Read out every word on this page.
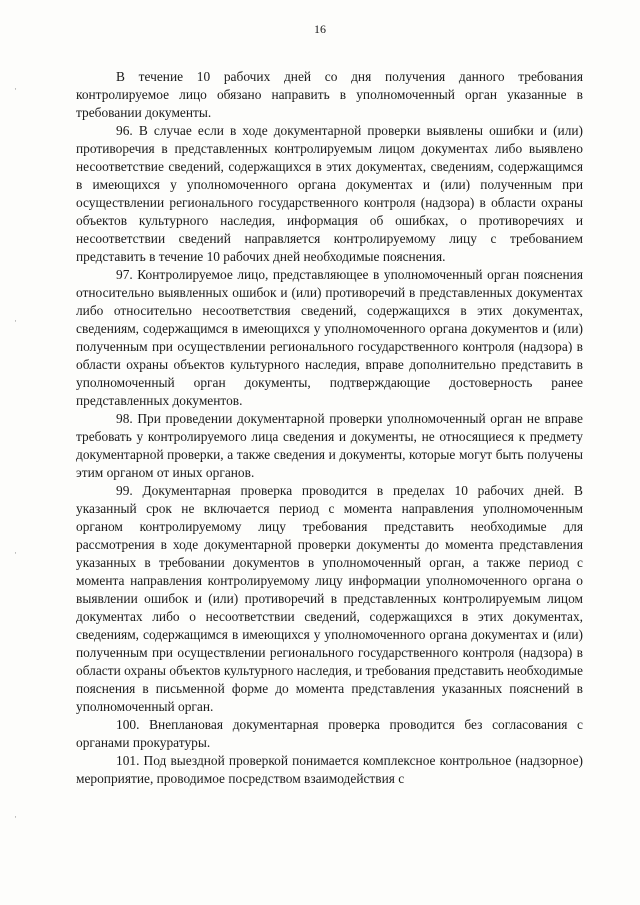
16
·
·
·
·

В течение 10 рабочих дней со дня получения данного требования контролируемое лицо обязано направить в уполномоченный орган указанные в требовании документы.

96. В случае если в ходе документарной проверки выявлены ошибки и (или) противоречия в представленных контролируемым лицом документах либо выявлено несоответствие сведений, содержащихся в этих документах, сведениям, содержащимся в имеющихся у уполномоченного органа документах и (или) полученным при осуществлении регионального государственного контроля (надзора) в области охраны объектов культурного наследия, информация об ошибках, о противоречиях и несоответствии сведений направляется контролируемому лицу с требованием представить в течение 10 рабочих дней необходимые пояснения.

97. Контролируемое лицо, представляющее в уполномоченный орган пояснения относительно выявленных ошибок и (или) противоречий в представленных документах либо относительно несоответствия сведений, содержащихся в этих документах, сведениям, содержащимся в имеющихся у уполномоченного органа документов и (или) полученным при осуществлении регионального государственного контроля (надзора) в области охраны объектов культурного наследия, вправе дополнительно представить в уполномоченный орган документы, подтверждающие достоверность ранее представленных документов.

98. При проведении документарной проверки уполномоченный орган не вправе требовать у контролируемого лица сведения и документы, не относящиеся к предмету документарной проверки, а также сведения и документы, которые могут быть получены этим органом от иных органов.

99. Документарная проверка проводится в пределах 10 рабочих дней. В указанный срок не включается период с момента направления уполномоченным органом контролируемому лицу требования представить необходимые для рассмотрения в ходе документарной проверки документы до момента представления указанных в требовании документов в уполномоченный орган, а также период с момента направления контролируемому лицу информации уполномоченного органа о выявлении ошибок и (или) противоречий в представленных контролируемым лицом документах либо о несоответствии сведений, содержащихся в этих документах, сведениям, содержащимся в имеющихся у уполномоченного органа документах и (или) полученным при осуществлении регионального государственного контроля (надзора) в области охраны объектов культурного наследия, и требования представить необходимые пояснения в письменной форме до момента представления указанных пояснений в уполномоченный орган.

100. Внеплановая документарная проверка проводится без согласования с органами прокуратуры.

101. Под выездной проверкой понимается комплексное контрольное (надзорное) мероприятие, проводимое посредством взаимодействия с
